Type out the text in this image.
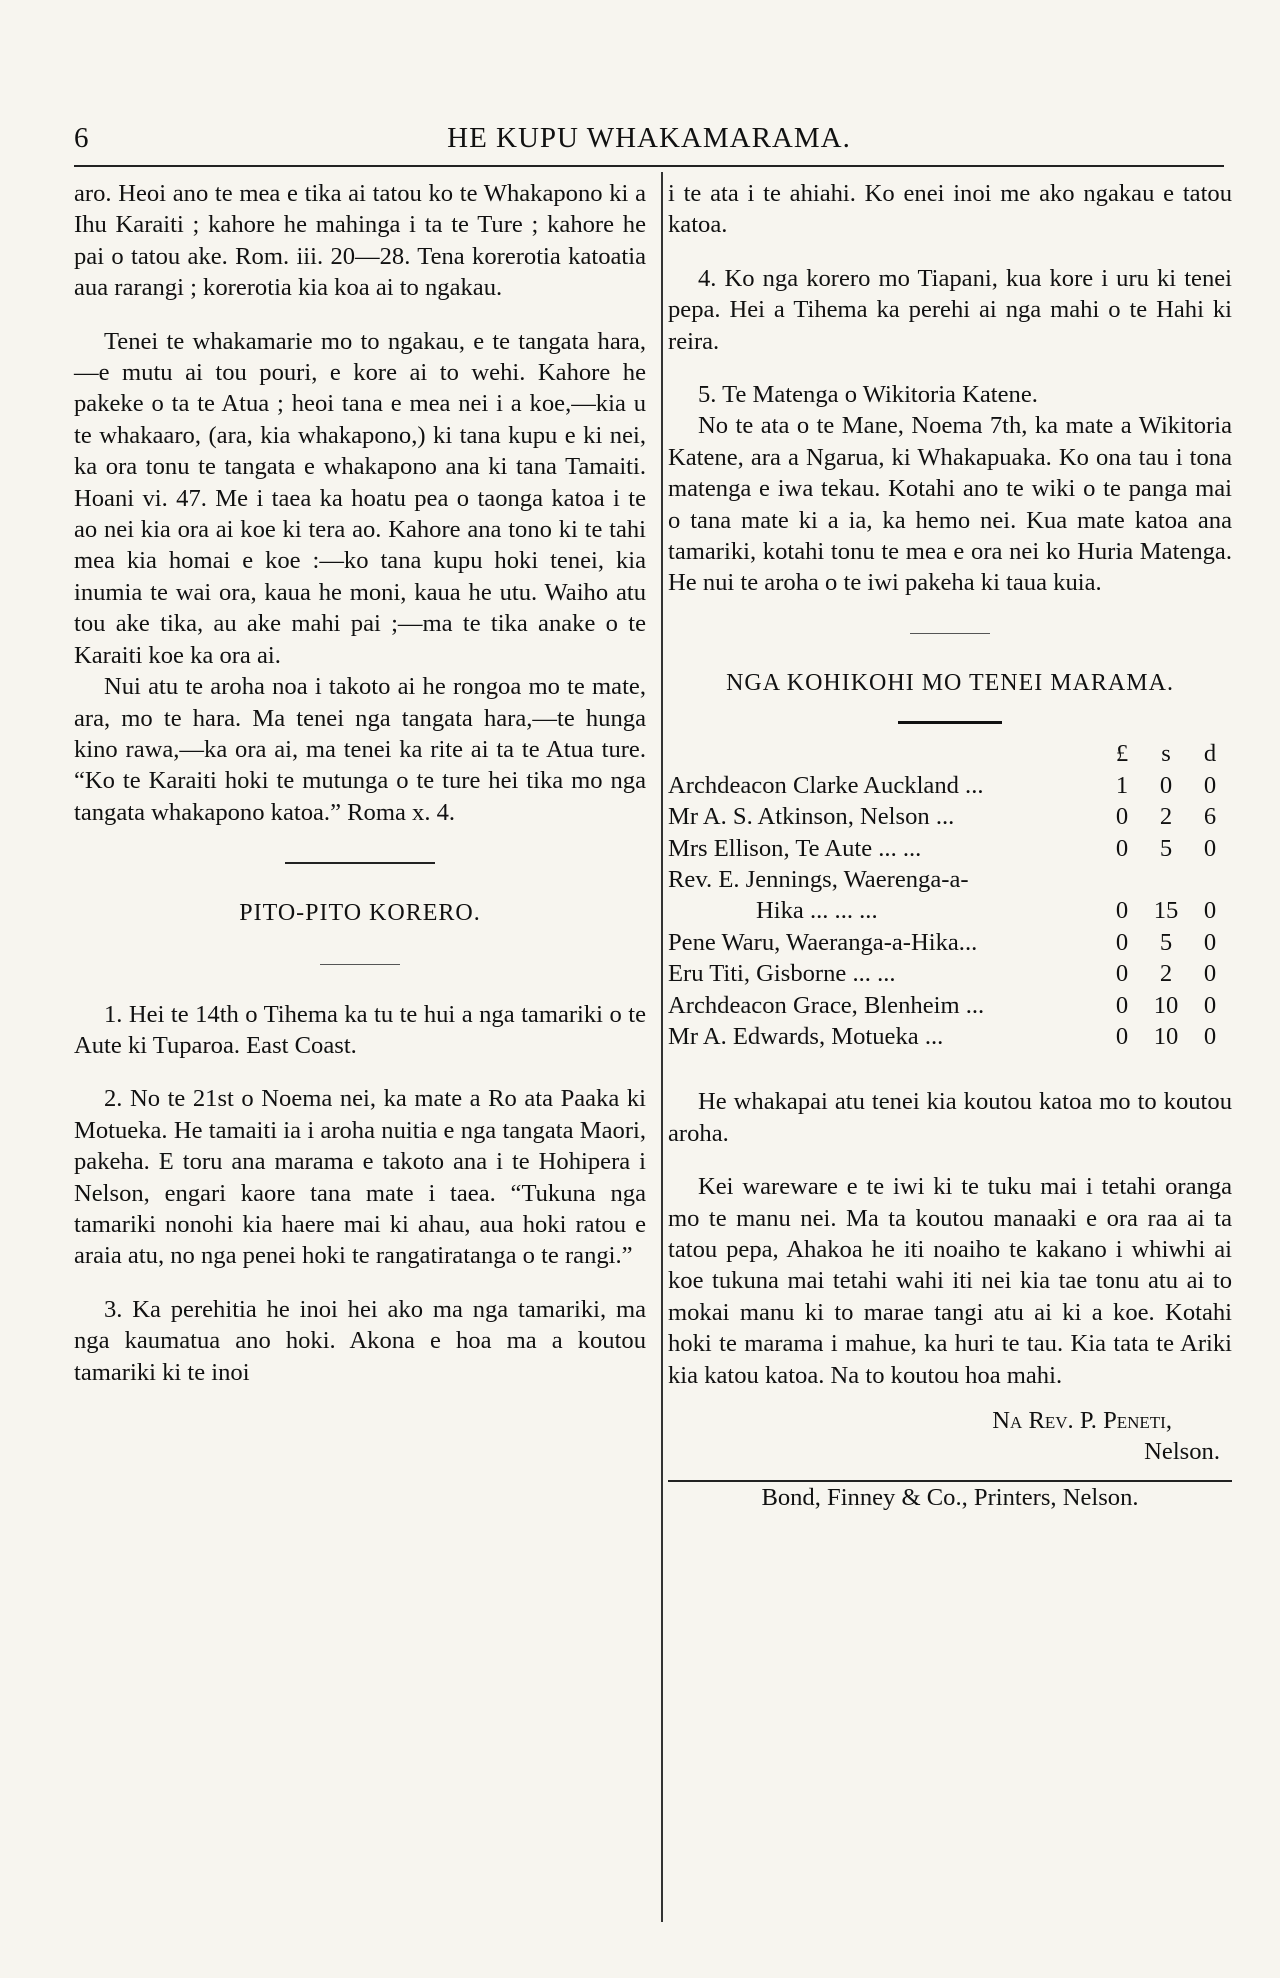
6	HE KUPU WHAKAMARAMA.

aro. Heoi ano te mea e tika ai tatou ko te Whakapono ki a Ihu Karaiti ; kahore he mahinga i ta te Ture ; kahore he pai o tatou ake. Rom. iii. 20—28. Tena korerotia katoatia aua rarangi ; korerotia kia koa ai to ngakau.

Tenei te whakamarie mo to ngakau, e te tangata hara,—e mutu ai tou pouri, e kore ai to wehi. Kahore he pakeke o ta te Atua ; heoi tana e mea nei i a koe,—kia u te whakaaro, (ara, kia whakapono,) ki tana kupu e ki nei, ka ora tonu te tangata e whakapono ana ki tana Tamaiti. Hoani vi. 47. Me i taea ka hoatu pea o taonga katoa i te ao nei kia ora ai koe ki tera ao. Kahore ana tono ki te tahi mea kia homai e koe :—ko tana kupu hoki tenei, kia inumia te wai ora, kaua he moni, kaua he utu. Waiho atu tou ake tika, au ake mahi pai ;—ma te tika anake o te Karaiti koe ka ora ai.

Nui atu te aroha noa i takoto ai he rongoa mo te mate, ara, mo te hara. Ma tenei nga tangata hara,—te hunga kino rawa,—ka ora ai, ma tenei ka rite ai ta te Atua ture. “Ko te Karaiti hoki te mutunga o te ture hei tika mo nga tangata whakapono katoa.” Roma x. 4.

PITO-PITO KORERO.

1. Hei te 14th o Tihema ka tu te hui a nga tamariki o te Aute ki Tuparoa. East Coast.

2. No te 21st o Noema nei, ka mate a Ro ata Paaka ki Motueka. He tamaiti ia i aroha nuitia e nga tangata Maori, pakeha. E toru ana marama e takoto ana i te Hohipera i Nelson, engari kaore tana mate i taea. “Tukuna nga tamariki nonohi kia haere mai ki ahau, aua hoki ratou e araia atu, no nga penei hoki te rangatiratanga o te rangi.”

3. Ka perehitia he inoi hei ako ma nga tamariki, ma nga kaumatua ano hoki. Akona e hoa ma a koutou tamariki ki te inoi

i te ata i te ahiahi. Ko enei inoi me ako ngakau e tatou katoa.

4. Ko nga korero mo Tiapani, kua kore i uru ki tenei pepa. Hei a Tihema ka perehi ai nga mahi o te Hahi ki reira.

5. Te Matenga o Wikitoria Katene.

No te ata o te Mane, Noema 7th, ka mate a Wikitoria Katene, ara a Ngarua, ki Whakapuaka. Ko ona tau i tona matenga e iwa tekau. Kotahi ano te wiki o te panga mai o tana mate ki a ia, ka hemo nei. Kua mate katoa ana tamariki, kotahi tonu te mea e ora nei ko Huria Matenga. He nui te aroha o te iwi pakeha ki taua kuia.

NGA KOHIKOHI MO TENEI MARAMA.

	£	s	d
Archdeacon Clarke Auckland ...	1	0	0
Mr A. S. Atkinson, Nelson ...	0	2	6
Mrs Ellison, Te Aute ... ...	0	5	0
Rev. E. Jennings, Waerenga-a-			
Hika ... ... ...	0	15	0
Pene Waru, Waeranga-a-Hika...	0	5	0
Eru Titi, Gisborne ... ...	0	2	0
Archdeacon Grace, Blenheim ...	0	10	0
Mr A. Edwards, Motueka ...	0	10	0

He whakapai atu tenei kia koutou katoa mo to koutou aroha.

Kei wareware e te iwi ki te tuku mai i tetahi oranga mo te manu nei. Ma ta koutou manaaki e ora raa ai ta tatou pepa, Ahakoa he iti noaiho te kakano i whiwhi ai koe tukuna mai tetahi wahi iti nei kia tae tonu atu ai to mokai manu ki to marae tangi atu ai ki a koe. Kotahi hoki te marama i mahue, ka huri te tau. Kia tata te Ariki kia katou katoa. Na to koutou hoa mahi.

Na Rev. P. Peneti,

Nelson.

Bond, Finney & Co., Printers, Nelson.
